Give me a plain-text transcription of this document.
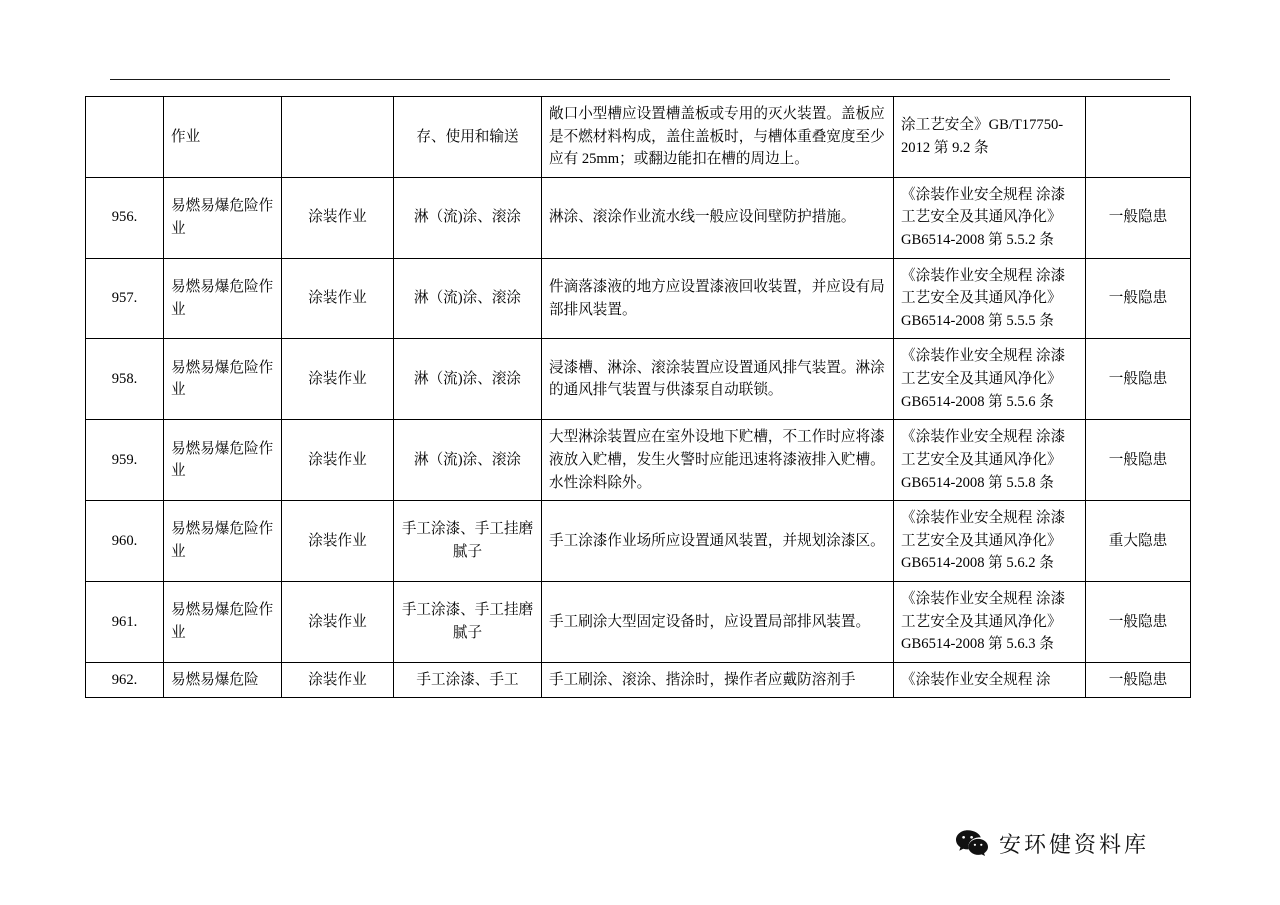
	作业		存、使用和输送	敞口小型槽应设置槽盖板或专用的灭火装置。盖板应是不燃材料构成，盖住盖板时，与槽体重叠宽度至少应有 25mm；或翻边能扣在槽的周边上。	涂工艺安全》GB/T17750-2012 第 9.2 条	
956.	易燃易爆危险作业	涂装作业	淋（流)涂、滚涂	淋涂、滚涂作业流水线一般应设间壁防护措施。	《涂装作业安全规程 涂漆工艺安全及其通风净化》GB6514-2008 第 5.5.2 条	一般隐患
957.	易燃易爆危险作业	涂装作业	淋（流)涂、滚涂	件滴落漆液的地方应设置漆液回收装置，并应设有局部排风装置。	《涂装作业安全规程 涂漆工艺安全及其通风净化》GB6514-2008 第 5.5.5 条	一般隐患
958.	易燃易爆危险作业	涂装作业	淋（流)涂、滚涂	浸漆槽、淋涂、滚涂装置应设置通风排气装置。淋涂的通风排气装置与供漆泵自动联锁。	《涂装作业安全规程 涂漆工艺安全及其通风净化》GB6514-2008 第 5.5.6 条	一般隐患
959.	易燃易爆危险作业	涂装作业	淋（流)涂、滚涂	大型淋涂装置应在室外设地下贮槽，不工作时应将漆液放入贮槽，发生火警时应能迅速将漆液排入贮槽。水性涂料除外。	《涂装作业安全规程 涂漆工艺安全及其通风净化》GB6514-2008 第 5.5.8 条	一般隐患
960.	易燃易爆危险作业	涂装作业	手工涂漆、手工挂磨腻子	手工涂漆作业场所应设置通风装置，并规划涂漆区。	《涂装作业安全规程 涂漆工艺安全及其通风净化》GB6514-2008 第 5.6.2 条	重大隐患
961.	易燃易爆危险作业	涂装作业	手工涂漆、手工挂磨腻子	手工刷涂大型固定设备时，应设置局部排风装置。	《涂装作业安全规程 涂漆工艺安全及其通风净化》GB6514-2008 第 5.6.3 条	一般隐患
962.	易燃易爆危险	涂装作业	手工涂漆、手工	手工刷涂、滚涂、揩涂时，操作者应戴防溶剂手	《涂装作业安全规程 涂	一般隐患
安环健资料库
